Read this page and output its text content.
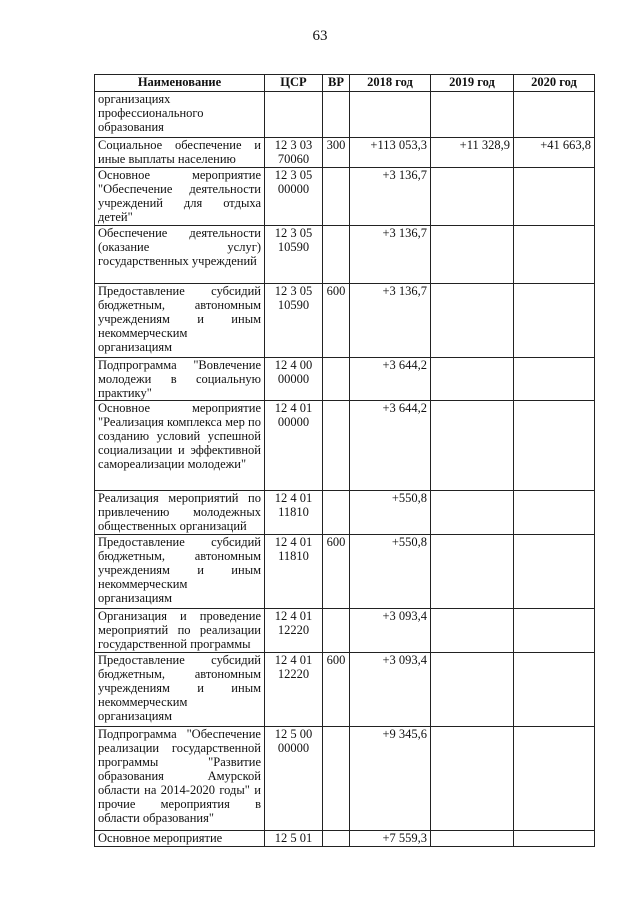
63
Наименование	ЦСР	ВР	2018 год	2019 год	2020 год
организациях профессионального образования					
Социальное обеспечение и иные выплаты населению	12 3 03 70060	300	+113 053,3	+11 328,9	+41 663,8
Основное мероприятие "Обеспечение деятельности учреждений для отдыха детей"	12 3 05 00000		+3 136,7		
Обеспечение деятельности (оказание услуг) государственных учреждений	12 3 05 10590		+3 136,7		
Предоставление субсидий бюджетным, автономным учреждениям и иным некоммерческим организациям	12 3 05 10590	600	+3 136,7		
Подпрограмма "Вовлечение молодежи в социальную практику"	12 4 00 00000		+3 644,2		
Основное мероприятие "Реализация комплекса мер по созданию условий успешной социализации и эффективной самореализации молодежи"	12 4 01 00000		+3 644,2		
Реализация мероприятий по привлечению молодежных общественных организаций	12 4 01 11810		+550,8		
Предоставление субсидий бюджетным, автономным учреждениям и иным некоммерческим организациям	12 4 01 11810	600	+550,8		
Организация и проведение мероприятий по реализации государственной программы	12 4 01 12220		+3 093,4		
Предоставление субсидий бюджетным, автономным учреждениям и иным некоммерческим организациям	12 4 01 12220	600	+3 093,4		
Подпрограмма "Обеспечение реализации государственной программы "Развитие образования Амурской области на 2014-2020 годы" и прочие мероприятия в области образования"	12 5 00 00000		+9 345,6		
Основное мероприятие	12 5 01		+7 559,3		
